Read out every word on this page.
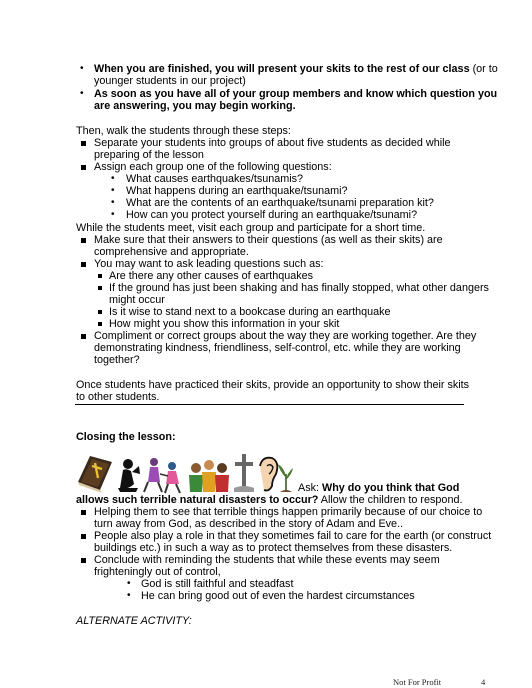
• When you are finished, you will present your skits to the rest of our class (or to
younger students in our project)
• As soon as you have all of your group members and know which question you
are answering, you may begin working.
Then, walk the students through these steps:
Separate your students into groups of about five students as decided while
preparing of the lesson
Assign each group one of the following questions:
• What causes earthquakes/tsunamis?
• What happens during an earthquake/tsunami?
• What are the contents of an earthquake/tsunami preparation kit?
• How can you protect yourself during an earthquake/tsunami?
While the students meet, visit each group and participate for a short time.
Make sure that their answers to their questions (as well as their skits) are
comprehensive and appropriate.
You may want to ask leading questions such as:
Are there any other causes of earthquakes
If the ground has just been shaking and has finally stopped, what other dangers
might occur
Is it wise to stand next to a bookcase during an earthquake
How might you show this information in your skit
Compliment or correct groups about the way they are working together. Are they
demonstrating kindness, friendliness, self-control, etc. while they are working
together?
Once students have practiced their skits, provide an opportunity to show their skits
to other students.
Closing the lesson:
Ask: Why do you think that God
allows such terrible natural disasters to occur? Allow the children to respond.
Helping them to see that terrible things happen primarily because of our choice to
turn away from God, as described in the story of Adam and Eve..
People also play a role in that they sometimes fail to care for the earth (or construct
buildings etc.) in such a way as to protect themselves from these disasters.
Conclude with reminding the students that while these events may seem
frighteningly out of control,
• God is still faithful and steadfast
• He can bring good out of even the hardest circumstances
ALTERNATE ACTIVITY:
Not For Profit	4
